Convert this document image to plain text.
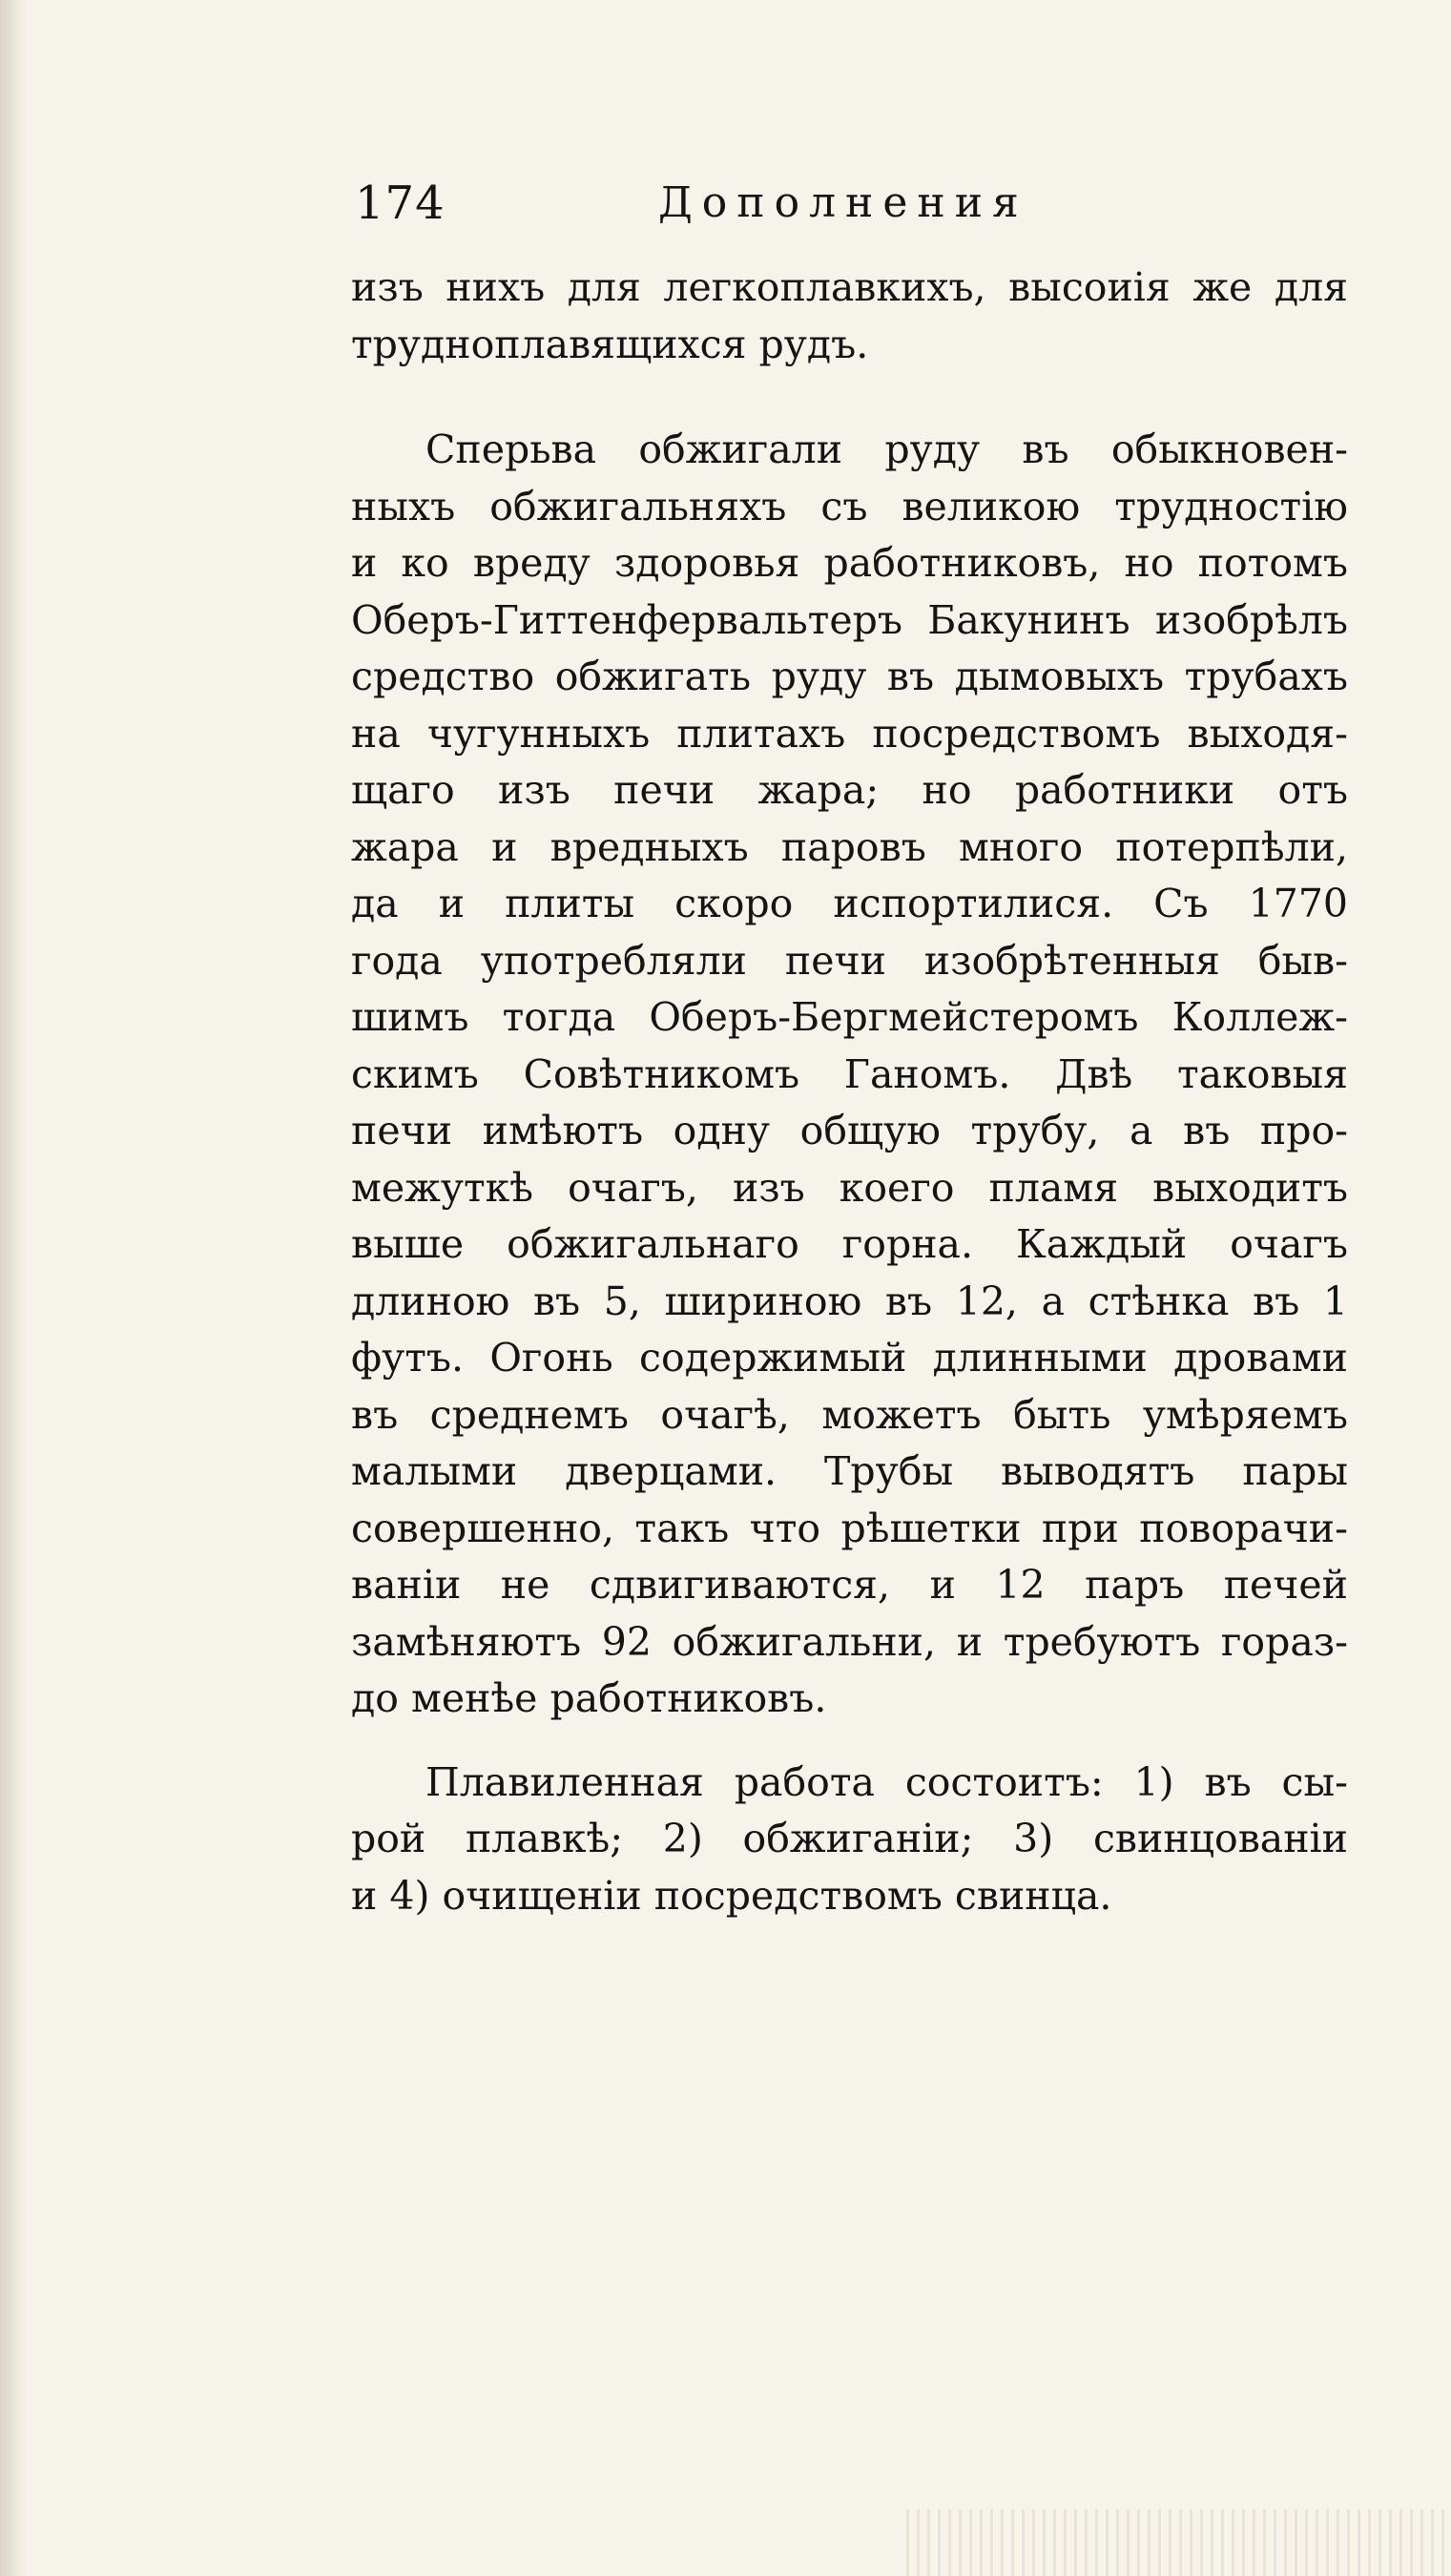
174	Дополнения
изъ нихъ для легкоплавкихъ, высоиія же для
трудноплавящихся рудъ.
Сперьва обжигали руду въ обыкновен-
ныхъ обжигальняхъ съ великою трудностію
и ко вреду здоровья работниковъ, но потомъ
Оберъ-Гиттенфервальтеръ Бакунинъ изобрѣлъ
средство обжигать руду въ дымовыхъ трубахъ
на чугунныхъ плитахъ посредствомъ выходя-
щаго изъ печи жара; но работники отъ
жара и вредныхъ паровъ много потерпѣли,
да и плиты скоро испортилися. Съ 1770
года употребляли печи изобрѣтенныя быв-
шимъ тогда Оберъ-Бергмейстеромъ Коллеж-
скимъ Совѣтникомъ Ганомъ. Двѣ таковыя
печи имѣютъ одну общую трубу, а въ про-
межуткѣ очагъ, изъ коего пламя выходитъ
выше обжигальнаго горна. Каждый очагъ
длиною въ 5, шириною въ 12, а стѣнка въ 1
футъ. Огонь содержимый длинными дровами
въ среднемъ очагѣ, можетъ быть умѣряемъ
малыми дверцами. Трубы выводятъ пары
совершенно, такъ что рѣшетки при поворачи-
ваніи не сдвигиваются, и 12 паръ печей
замѣняютъ 92 обжигальни, и требуютъ гораз-
до менѣе работниковъ.
Плавиленная работа состоитъ: 1) въ сы-
рой плавкѣ; 2) обжиганіи; 3) свинцованіи
и 4) очищеніи посредствомъ свинца.
